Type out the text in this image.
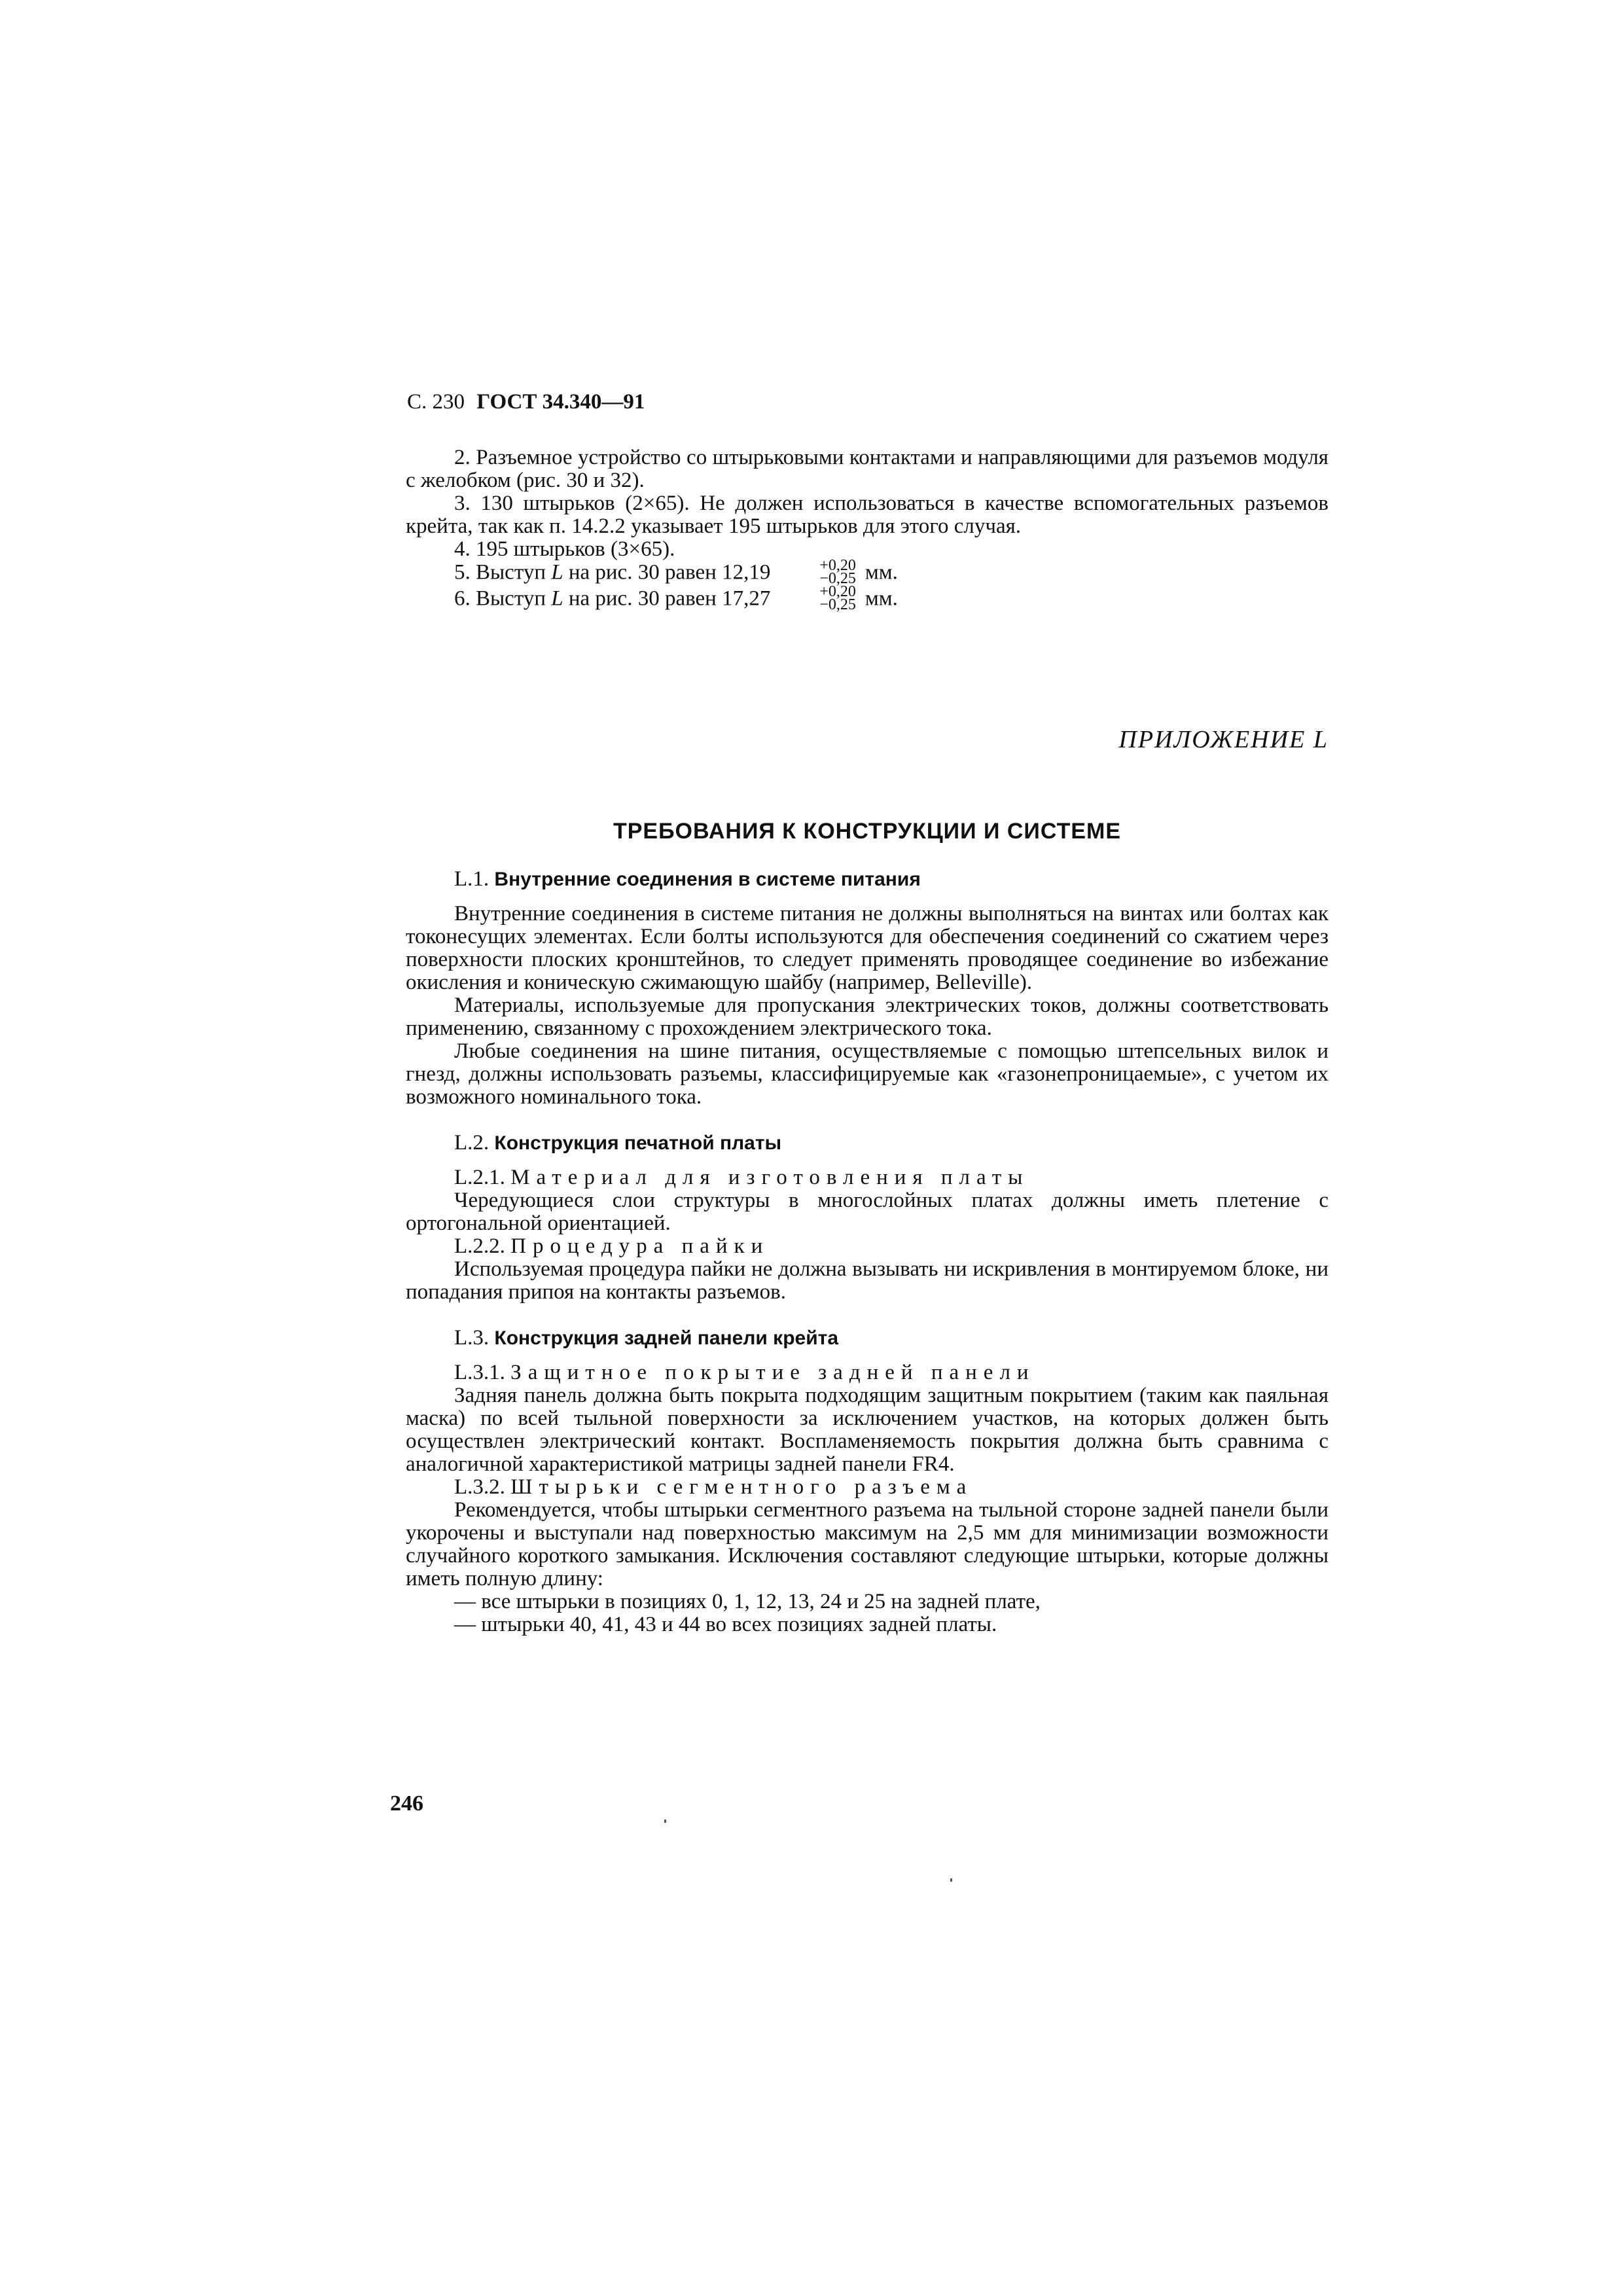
С. 230 ГОСТ 34.340—91

2. Разъемное устройство со штырьковыми контактами и направляющими для разъемов модуля с желобком (рис. 30 и 32).

3. 130 штырьков (2×65). Не должен использоваться в качестве вспомогательных разъемов крейта, так как п. 14.2.2 указывает 195 штырьков для этого случая.

4. 195 штырьков (3×65).

5. Выступ L на рис. 30 равен 12,19	+0,20
−0,25 мм.

6. Выступ L на рис. 30 равен 17,27	+0,20
−0,25 мм.

ПРИЛОЖЕНИЕ L
ТРЕБОВАНИЯ К КОНСТРУКЦИИ И СИСТЕМЕ

L.1. Внутренние соединения в системе питания

Внутренние соединения в системе питания не должны выполняться на винтах или болтах как токонесущих элементах. Если болты используются для обеспечения соединений со сжатием через поверхности плоских кронштейнов, то следует применять проводящее соединение во избежание окисления и коническую сжимающую шайбу (например, Belleville).

Материалы, используемые для пропускания электрических токов, должны соответствовать применению, связанному с прохождением электрического тока.

Любые соединения на шине питания, осуществляемые с помощью штепсельных вилок и гнезд, должны использовать разъемы, классифицируемые как «газонепроницаемые», с учетом их возможного номинального тока.

L.2. Конструкция печатной платы

L.2.1. Материал для изготовления платы

Чередующиеся слои структуры в многослойных платах должны иметь плетение с ортогональной ориентацией.

L.2.2. Процедура пайки

Используемая процедура пайки не должна вызывать ни искривления в монтируемом блоке, ни попадания припоя на контакты разъемов.

L.3. Конструкция задней панели крейта

L.3.1. Защитное покрытие задней панели

Задняя панель должна быть покрыта подходящим защитным покрытием (таким как паяльная маска) по всей тыльной поверхности за исключением участков, на которых должен быть осуществлен электрический контакт. Воспламеняемость покрытия должна быть сравнима с аналогичной характеристикой матрицы задней панели FR4.

L.3.2. Штырьки сегментного разъема

Рекомендуется, чтобы штырьки сегментного разъема на тыльной стороне задней панели были укорочены и выступали над поверхностью максимум на 2,5 мм для минимизации возможности случайного короткого замыкания. Исключения составляют следующие штырьки, которые должны иметь полную длину:

— все штырьки в позициях 0, 1, 12, 13, 24 и 25 на задней плате,

— штырьки 40, 41, 43 и 44 во всех позициях задней платы.

246
